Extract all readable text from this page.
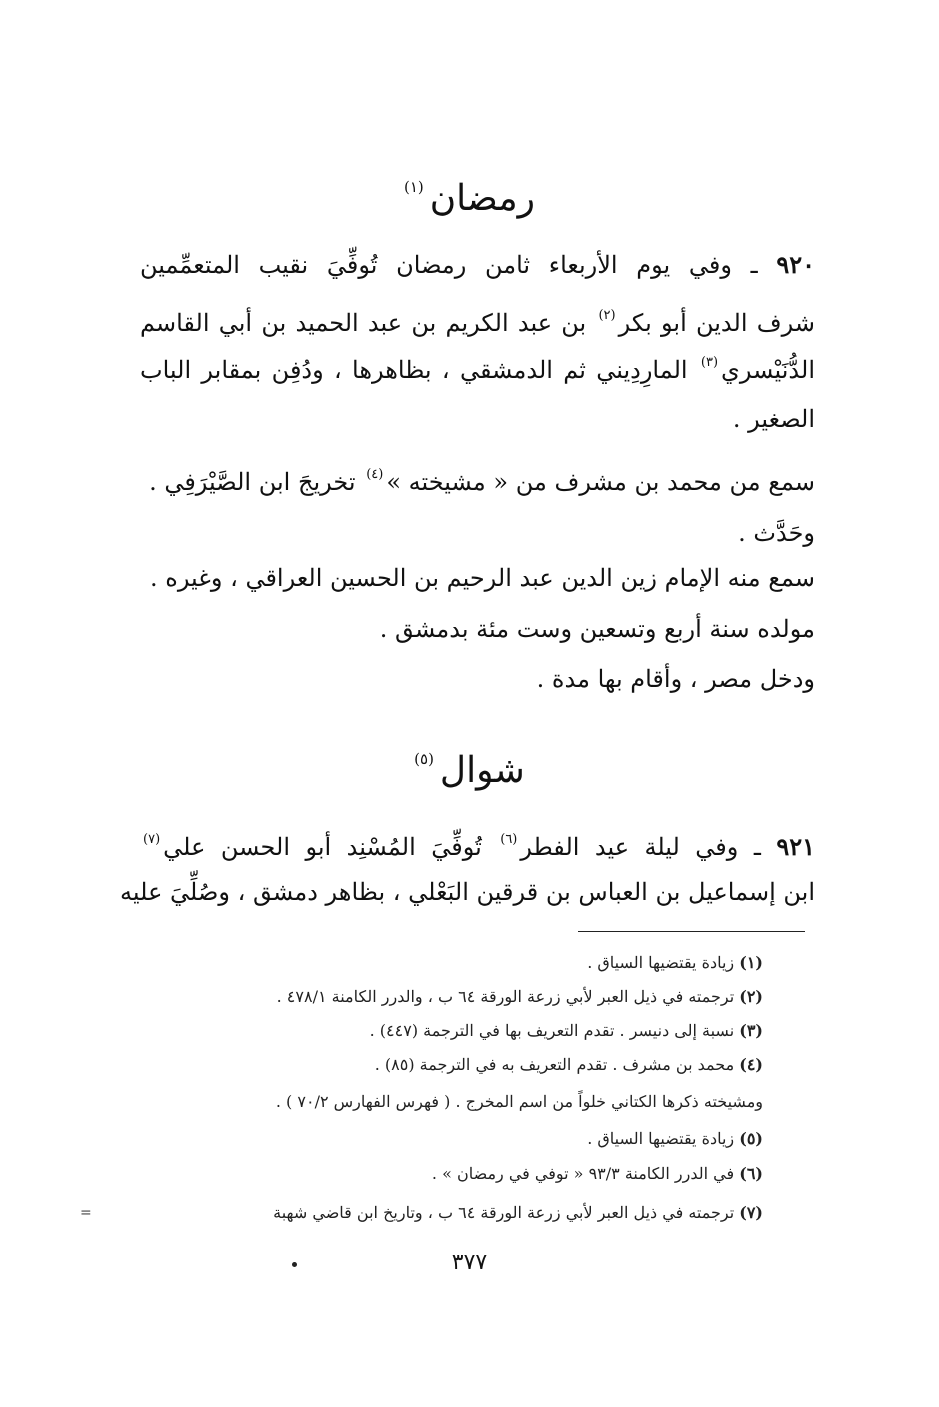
رمضان$^{(١)}$
٩٢٠ ـ وفي يوم الأربعاء ثامن رمضان تُوفِّيَ نقيب المتعمِّمين
شرف الدين أبو بكر$^{(٢)}$ بن عبد الكريم بن عبد الحميد بن أبي القاسم
الدُّنَيْسري$^{(٣)}$ المارِدِيني ثم الدمشقي ، بظاهرها ، ودُفِن بمقابر الباب
الصغير .
سمع من محمد بن مشرف من « مشيخته »$^{(٤)}$ تخريجَ ابن الصَّيْرَفِي .
وحَدَّث .
سمع منه الإمام زين الدين عبد الرحيم بن الحسين العراقي ، وغيره .
مولده سنة أربع وتسعين وست مئة بدمشق .
ودخل مصر ، وأقام بها مدة .
شوال$^{(٥)}$
٩٢١ ـ وفي ليلة عيد الفطر$^{(٦)}$ تُوفِّيَ المُسْنِد أبو الحسن علي$^{(٧)}$
ابن إسماعيل بن العباس بن قرقين البَعْلي ، بظاهر دمشق ، وصُلِّيَ عليه
(١) زيادة يقتضيها السياق .
(٢) ترجمته في ذيل العبر لأبي زرعة الورقة ٦٤ ب ، والدرر الكامنة ٤٧٨/١ .
(٣) نسبة إلى دنيسر . تقدم التعريف بها في الترجمة (٤٤٧) .
(٤) محمد بن مشرف . تقدم التعريف به في الترجمة (٨٥) .
ومشيخته ذكرها الكتاني خلواً من اسم المخرج . ( فهرس الفهارس ٧٠/٢ ) .
(٥) زيادة يقتضيها السياق .
(٦) في الدرر الكامنة ٩٣/٣ « توفي في رمضان » .
(٧) ترجمته في ذيل العبر لأبي زرعة الورقة ٦٤ ب ، وتاريخ ابن قاضي شهبة
=
٣٧٧
